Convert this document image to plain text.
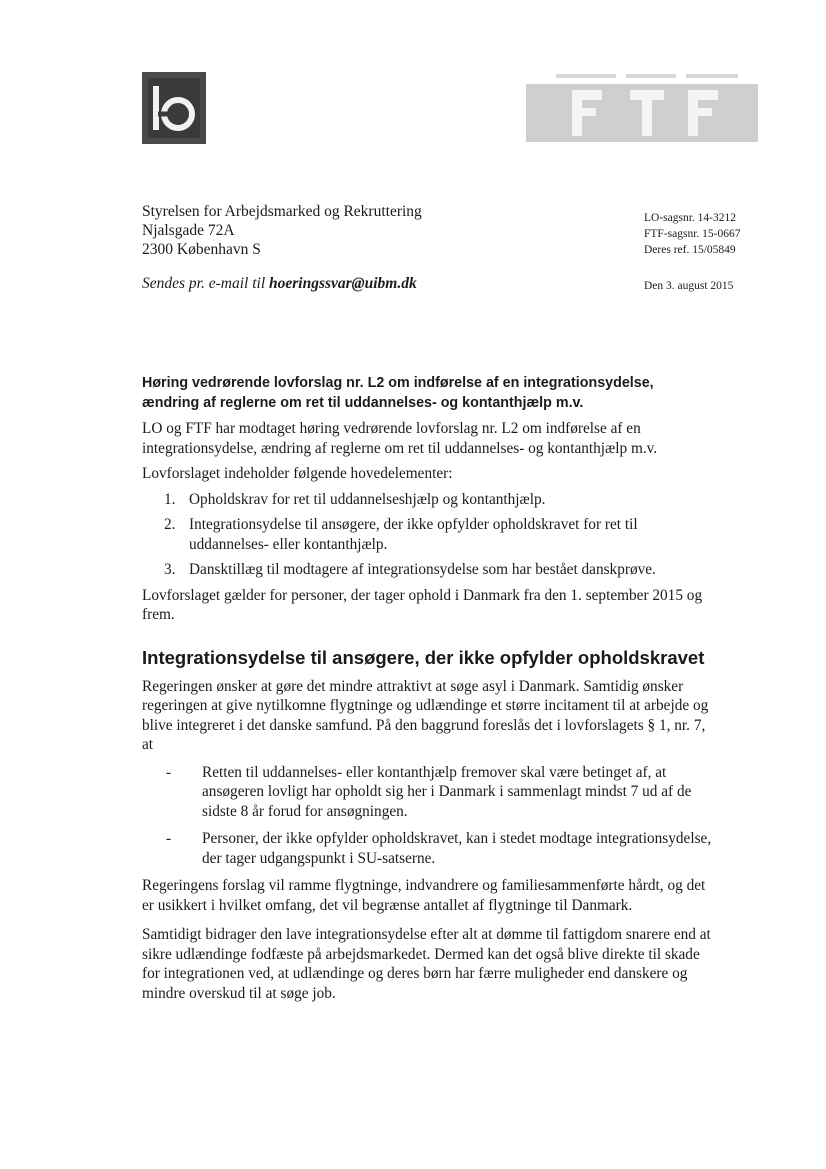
Styrelsen for Arbejdsmarked og Rekruttering
Njalsgade 72A
2300 København S
LO-sagsnr. 14-3212
FTF-sagsnr. 15-0667
Deres ref. 15/05849
Sendes pr. e-mail til hoeringssvar@uibm.dk	Den 3. august 2015
Høring vedrørende lovforslag nr. L2 om indførelse af en integrationsydelse, ændring af reglerne om ret til uddannelses- og kontanthjælp m.v.
LO og FTF har modtaget høring vedrørende lovforslag nr. L2 om indførelse af en integrationsydelse, ændring af reglerne om ret til uddannelses- og kontanthjælp m.v.
Lovforslaget indeholder følgende hovedelementer:
1. Opholdskrav for ret til uddannelseshjælp og kontanthjælp.
2. Integrationsydelse til ansøgere, der ikke opfylder opholdskravet for ret til uddannelses- eller kontanthjælp.
3. Dansktillæg til modtagere af integrationsydelse som har bestået danskprøve.
Lovforslaget gælder for personer, der tager ophold i Danmark fra den 1. september 2015 og frem.
Integrationsydelse til ansøgere, der ikke opfylder opholdskravet
Regeringen ønsker at gøre det mindre attraktivt at søge asyl i Danmark. Samtidig ønsker regeringen at give nytilkomne flygtninge og udlændinge et større incitament til at arbejde og blive integreret i det danske samfund. På den baggrund foreslås det i lovforslagets § 1, nr. 7, at
-	Retten til uddannelses- eller kontanthjælp fremover skal være betinget af, at ansøgeren lovligt har opholdt sig her i Danmark i sammenlagt mindst 7 ud af de sidste 8 år forud for ansøgningen.
-	Personer, der ikke opfylder opholdskravet, kan i stedet modtage integrationsydelse, der tager udgangspunkt i SU-satserne.
Regeringens forslag vil ramme flygtninge, indvandrere og familiesammenførte hårdt, og det er usikkert i hvilket omfang, det vil begrænse antallet af flygtninge til Danmark.
Samtidigt bidrager den lave integrationsydelse efter alt at dømme til fattigdom snarere end at sikre udlændinge fodfæste på arbejdsmarkedet. Dermed kan det også blive direkte til skade for integrationen ved, at udlændinge og deres børn har færre muligheder end danskere og mindre overskud til at søge job.
